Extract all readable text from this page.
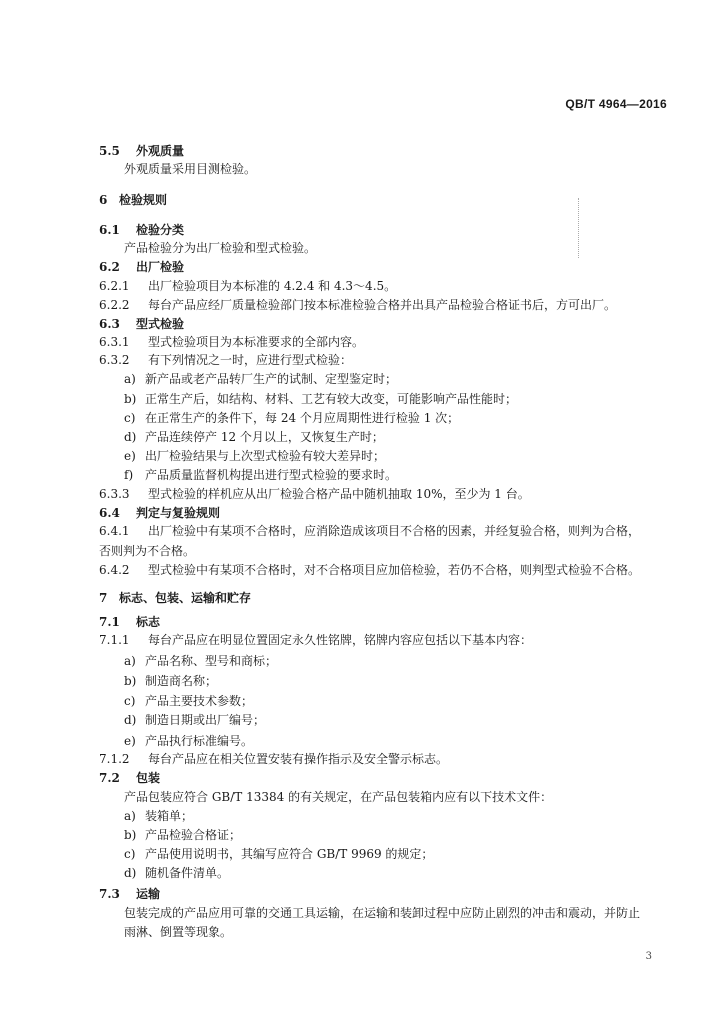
QB/T 4964—2016
5.5 外观质量
外观质量采用目测检验。
6 检验规则
6.1 检验分类
产品检验分为出厂检验和型式检验。
6.2 出厂检验
6.2.1 出厂检验项目为本标准的 4.2.4 和 4.3～4.5。
6.2.2 每台产品应经厂质量检验部门按本标准检验合格并出具产品检验合格证书后，方可出厂。
6.3 型式检验
6.3.1 型式检验项目为本标准要求的全部内容。
6.3.2 有下列情况之一时，应进行型式检验：
a) 新产品或老产品转厂生产的试制、定型鉴定时；
b) 正常生产后，如结构、材料、工艺有较大改变，可能影响产品性能时；
c) 在正常生产的条件下，每 24 个月应周期性进行检验 1 次；
d) 产品连续停产 12 个月以上，又恢复生产时；
e) 出厂检验结果与上次型式检验有较大差异时；
f) 产品质量监督机构提出进行型式检验的要求时。
6.3.3 型式检验的样机应从出厂检验合格产品中随机抽取 10%，至少为 1 台。
6.4 判定与复验规则
6.4.1 出厂检验中有某项不合格时，应消除造成该项目不合格的因素，并经复验合格，则判为合格，
否则判为不合格。
6.4.2 型式检验中有某项不合格时，对不合格项目应加倍检验，若仍不合格，则判型式检验不合格。
7 标志、包装、运输和贮存
7.1 标志
7.1.1 每台产品应在明显位置固定永久性铭牌，铭牌内容应包括以下基本内容：
a) 产品名称、型号和商标；
b) 制造商名称；
c) 产品主要技术参数；
d) 制造日期或出厂编号；
e) 产品执行标准编号。
7.1.2 每台产品应在相关位置安装有操作指示及安全警示标志。
7.2 包装
产品包装应符合 GB/T 13384 的有关规定，在产品包装箱内应有以下技术文件：
a) 装箱单；
b) 产品检验合格证；
c) 产品使用说明书，其编写应符合 GB/T 9969 的规定；
d) 随机备件清单。
7.3 运输
包装完成的产品应用可靠的交通工具运输，在运输和装卸过程中应防止剧烈的冲击和震动，并防止
雨淋、倒置等现象。
3
